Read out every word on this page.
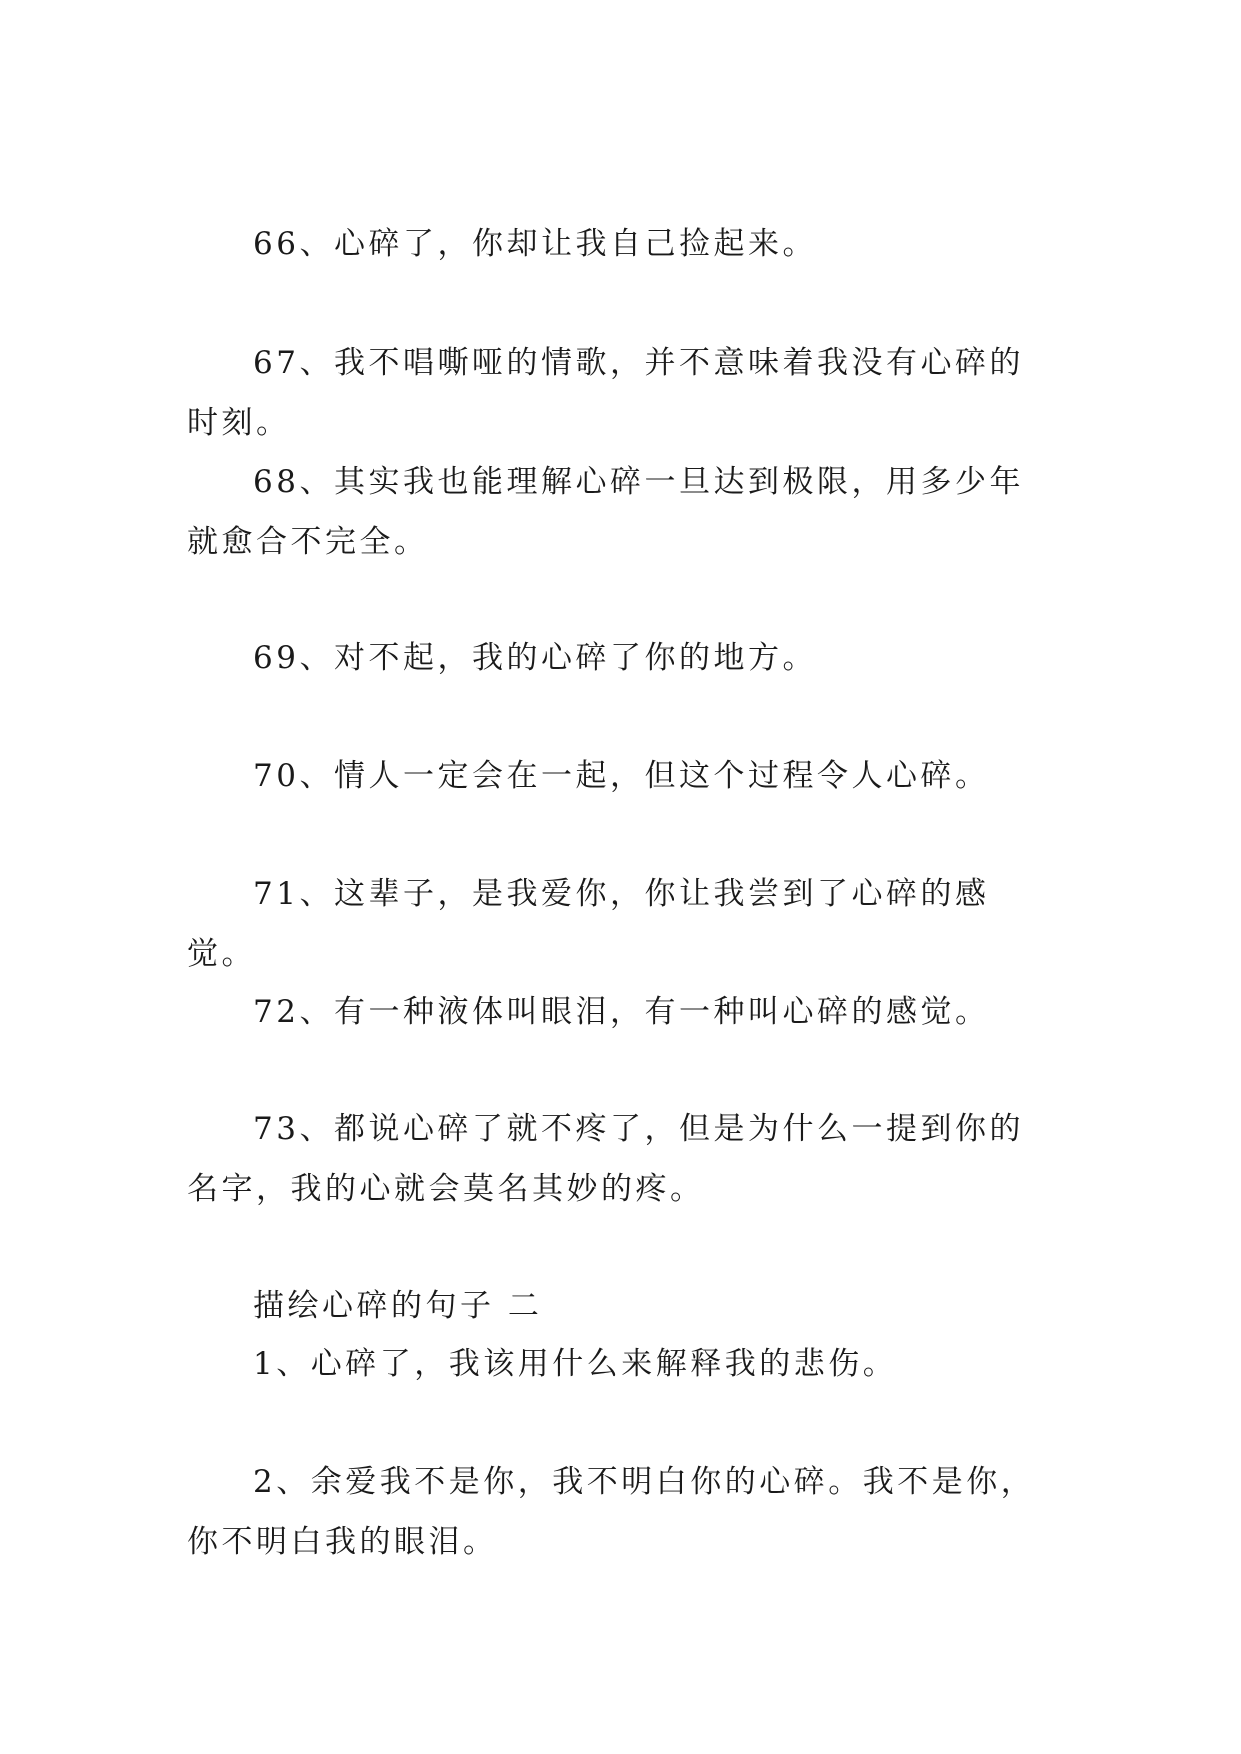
66、心碎了，你却让我自己捡起来。

67、我不唱嘶哑的情歌，并不意味着我没有心碎的时刻。

68、其实我也能理解心碎一旦达到极限，用多少年就愈合不完全。

69、对不起，我的心碎了你的地方。

70、情人一定会在一起，但这个过程令人心碎。

71、这辈子，是我爱你，你让我尝到了心碎的感觉。

72、有一种液体叫眼泪，有一种叫心碎的感觉。

73、都说心碎了就不疼了，但是为什么一提到你的名字，我的心就会莫名其妙的疼。

描绘心碎的句子 二

1、心碎了，我该用什么来解释我的悲伤。

2、余爱我不是你，我不明白你的心碎。我不是你，你不明白我的眼泪。
